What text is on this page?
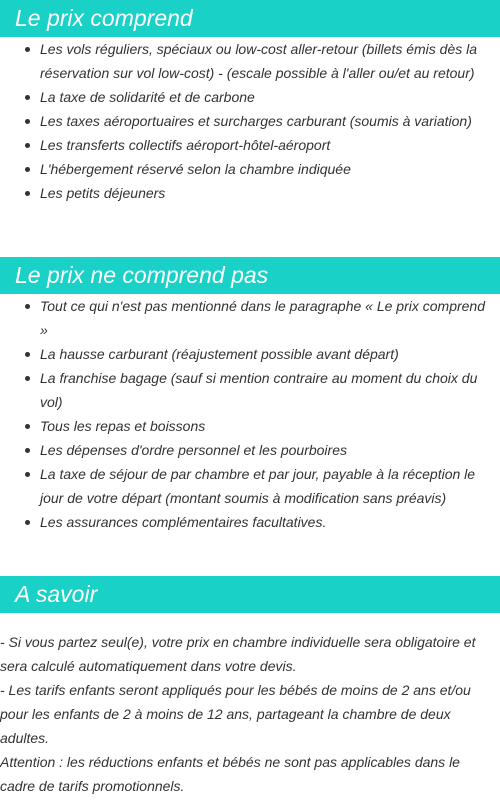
Le prix comprend
Les vols réguliers, spéciaux ou low-cost aller-retour (billets émis dès la réservation sur vol low-cost) - (escale possible à l'aller ou/et au retour)
La taxe de solidarité et de carbone
Les taxes aéroportuaires et surcharges carburant (soumis à variation)
Les transferts collectifs aéroport-hôtel-aéroport
L'hébergement réservé selon la chambre indiquée
Les petits déjeuners
Le prix ne comprend pas
Tout ce qui n'est pas mentionné dans le paragraphe « Le prix comprend »
La hausse carburant (réajustement possible avant départ)
La franchise bagage (sauf si mention contraire au moment du choix du vol)
Tous les repas et boissons
Les dépenses d'ordre personnel et les pourboires
La taxe de séjour de par chambre et par jour, payable à la réception le jour de votre départ (montant soumis à modification sans préavis)
Les assurances complémentaires facultatives.
A savoir

- Si vous partez seul(e), votre prix en chambre individuelle sera obligatoire et sera calculé automatiquement dans votre devis.

- Les tarifs enfants seront appliqués pour les bébés de moins de 2 ans et/ou pour les enfants de 2 à moins de 12 ans, partageant la chambre de deux adultes.

Attention : les réductions enfants et bébés ne sont pas applicables dans le cadre de tarifs promotionnels.
